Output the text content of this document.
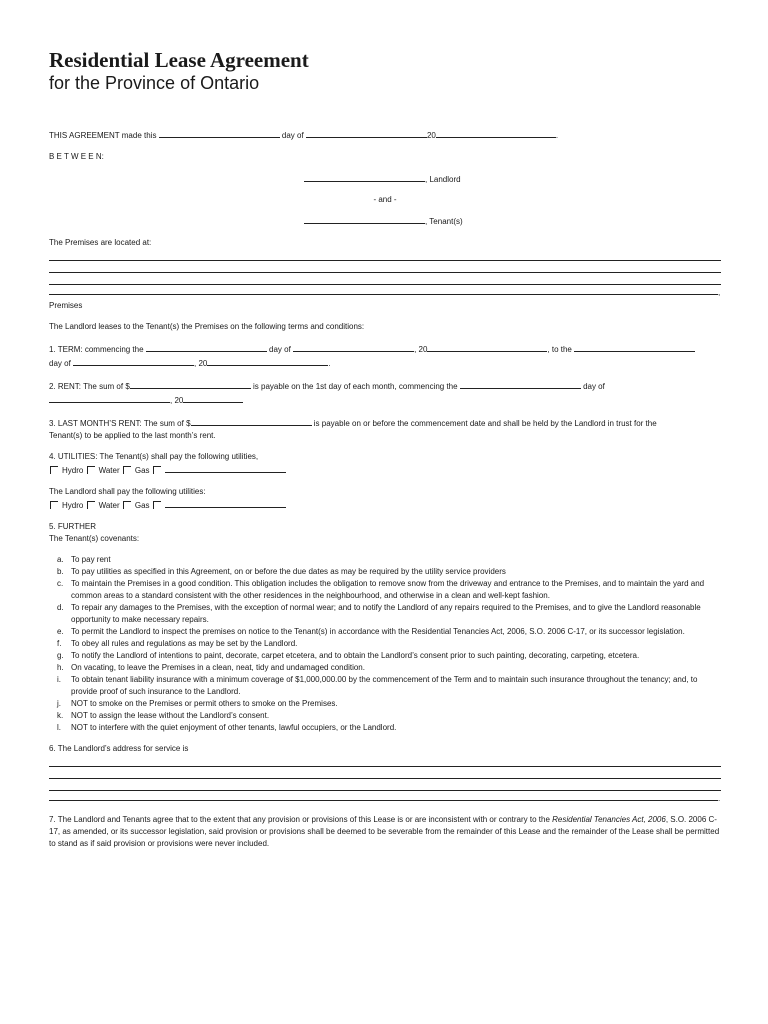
Residential Lease Agreement

for the Province of Ontario

THIS AGREEMENT made this	day of	20	.

B E T W E E N:

, Landlord
- and -
, Tenant(s)

The Premises are located at:

,

Premises

The Landlord leases to the Tenant(s) the Premises on the following terms and conditions:

1. TERM: commencing the	day of	, 20	, to the
day of	, 20	.
2. RENT: The sum of $	is payable on the 1st day of each month, commencing the	day of
, 20
3. LAST MONTH’S RENT: The sum of $	is payable on or before the commencement date and shall be held by the Landlord in trust for the
Tenant(s) to be applied to the last month’s rent.
4. UTILITIES: The Tenant(s) shall pay the following utilities,
Hydro Water Gas
The Landlord shall pay the following utilities:
Hydro Water Gas
5. FURTHER
The Tenant(s) covenants:
a. To pay rent
b. To pay utilities as specified in this Agreement, on or before the due dates as may be required by the utility service providers
c. To maintain the Premises in a good condition. This obligation includes the obligation to remove snow from the driveway and entrance to the Premises, and to maintain the yard and common areas to a standard consistent with the other residences in the neighbourhood, and otherwise in a clean and well-kept fashion.
d. To repair any damages to the Premises, with the exception of normal wear; and to notify the Landlord of any repairs required to the Premises, and to give the Landlord reasonable opportunity to make necessary repairs.
e. To permit the Landlord to inspect the premises on notice to the Tenant(s) in accordance with the Residential Tenancies Act, 2006, S.O. 2006 C-17, or its successor legislation.
f. To obey all rules and regulations as may be set by the Landlord.
g. To notify the Landlord of intentions to paint, decorate, carpet etcetera, and to obtain the Landlord’s consent prior to such painting, decorating, carpeting, etcetera.
h. On vacating, to leave the Premises in a clean, neat, tidy and undamaged condition.
i. To obtain tenant liability insurance with a minimum coverage of $1,000,000.00 by the commencement of the Term and to maintain such insurance throughout the tenancy; and, to provide proof of such insurance to the Landlord.
j. NOT to smoke on the Premises or permit others to smoke on the Premises.
k. NOT to assign the lease without the Landlord’s consent.
l. NOT to interfere with the quiet enjoyment of other tenants, lawful occupiers, or the Landlord.
6. The Landlord’s address for service is
.

7. The Landlord and Tenants agree that to the extent that any provision or provisions of this Lease is or are inconsistent with or contrary to the Residential Tenancies Act, 2006, S.O. 2006 C-17, as amended, or its successor legislation, said provision or provisions shall be deemed to be severable from the remainder of this Lease and the remainder of the Lease shall be permitted to stand as if said provision or provisions were never included.
